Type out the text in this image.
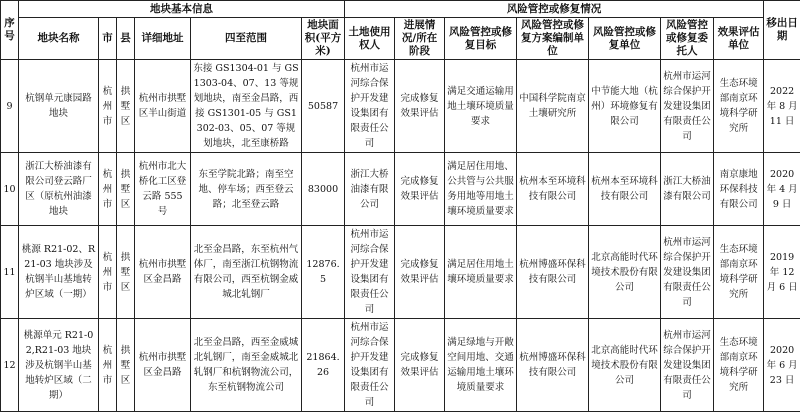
序号	地块基本信息						风险管控或修复情况							移出日期
	地块名称	市	县	详细地址	四至范围	地块面积(平方米)	土地使用权人	进展情况/所在阶段	风险管控或修复目标	风险管控或修复方案编制单位	风险管控或修复单位	风险管控或修复委托人	效果评估单位	
9	杭钢单元康园路地块	杭州市	拱墅区	杭州市拱墅区半山街道	东接 GS1304-01 与 GS1303-04、07、13 等规划地块，南至金昌路，西接 GS1301-05 与 GS1302-03、05、07 等规划地块，北至康桥路	50587	杭州市运河综合保护开发建设集团有限责任公司	完成修复效果评估	满足交通运输用地土壤环境质量要求	中国科学院南京土壤研究所	中节能大地（杭州）环境修复有限公司	杭州市运河综合保护开发建设集团有限责任公司	生态环境部南京环境科学研究所	2022 年 8 月 11 日
10	浙江大桥油漆有限公司登云路厂区（原杭州油漆地块	杭州市	拱墅区	杭州市北大桥化工区登云路 555 号	东至学院北路；南至空地、停车场；西至登云路；北至登云路	83000	浙江大桥油漆有限公司	完成修复效果评估	满足居住用地、公共管与公共服务用地等用地土壤环境质量要求	杭州本至环境科技有限公司	杭州本至环境科技有限公司	浙江大桥油漆有限公司	南京康地环保科技有限公司	2020 年 4 月 9 日
11	桃源 R21-02、R21-03 地块涉及杭钢半山基地转炉区域（一期）	杭州市	拱墅区	杭州市拱墅区金昌路	北至金昌路，东至杭州气体厂，南至浙江杭钢物流有限公司，西至杭钢金威城北轧钢厂	12876.5	杭州市运河综合保护开发建设集团有限责任公司	完成修复效果评估	满足居住用地土壤环境质量要求	杭州博盛环保科技有限公司	北京高能时代环境技术股份有限公司	杭州市运河综合保护开发建设集团有限责任公司	生态环境部南京环境科学研究所	2019 年 12 月 6 日
12	桃源单元 R21-02,R21-03 地块涉及杭钢半山基地转炉区域（二期）	杭州市	拱墅区	杭州市拱墅区金昌路	北至金昌路，西至金威城北轧钢厂，南至金威城北轧钢厂和杭钢物流公司，东至杭钢物流公司	21864.26	杭州市运河综合保护开发建设集团有限责任公司	完成修复效果评估	满足绿地与开敞空间用地、交通运输用地土壤环境质量要求	杭州博盛环保科技有限公司	北京高能时代环境技术股份有限公司	杭州市运河综合保护开发建设集团有限责任公司	生态环境部南京环境科学研究所	2020 年 6 月 23 日
